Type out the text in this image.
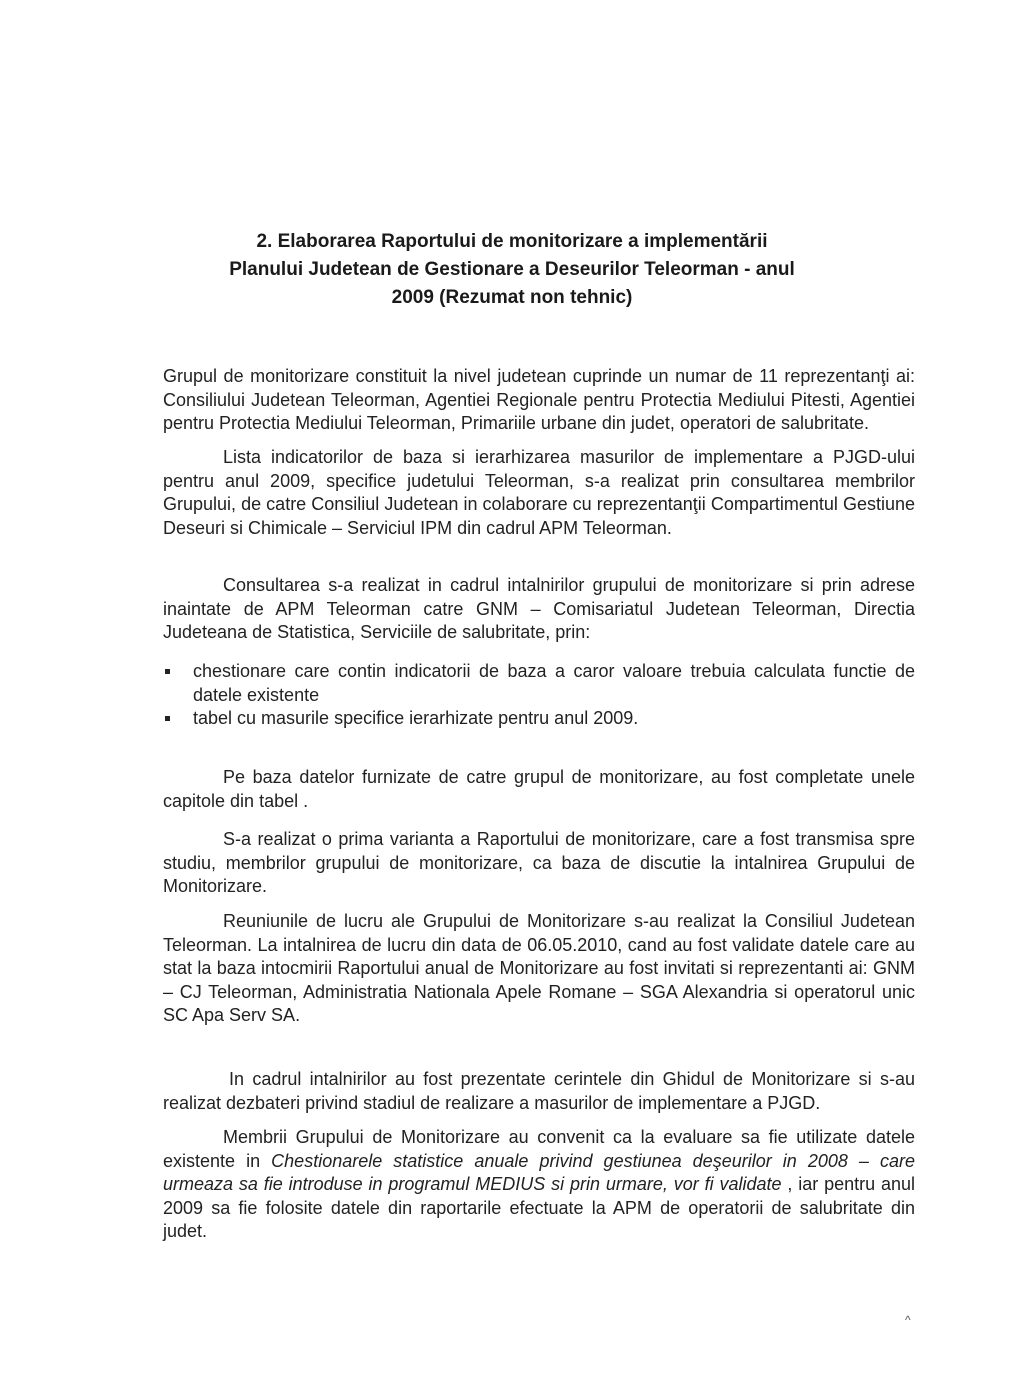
2. Elaborarea Raportului de monitorizare a implementării
Planului Judetean de Gestionare a Deseurilor Teleorman - anul
2009 (Rezumat non tehnic)
Grupul de monitorizare constituit la nivel judetean cuprinde un numar de 11 reprezentanţi ai: Consiliului Judetean Teleorman, Agentiei Regionale pentru Protectia Mediului Pitesti, Agentiei pentru Protectia Mediului Teleorman, Primariile urbane din judet, operatori de salubritate.
Lista indicatorilor de baza si ierarhizarea masurilor de implementare a PJGD-ului pentru anul 2009, specifice judetului Teleorman, s-a realizat prin consultarea membrilor Grupului, de catre Consiliul Judetean in colaborare cu reprezentanţii Compartimentul Gestiune Deseuri si Chimicale – Serviciul IPM din cadrul APM Teleorman.
Consultarea s-a realizat in cadrul intalnirilor grupului de monitorizare si prin adrese inaintate de APM Teleorman catre GNM – Comisariatul Judetean Teleorman, Directia Judeteana de Statistica, Serviciile de salubritate, prin:
chestionare care contin indicatorii de baza a caror valoare trebuia calculata functie de datele existente
tabel cu masurile specifice ierarhizate pentru anul 2009.
Pe baza datelor furnizate de catre grupul de monitorizare, au fost completate unele capitole din tabel .
S-a realizat o prima varianta a Raportului de monitorizare, care a fost transmisa spre studiu, membrilor grupului de monitorizare, ca baza de discutie la intalnirea Grupului de Monitorizare.
Reuniunile de lucru ale Grupului de Monitorizare s-au realizat la Consiliul Judetean Teleorman. La intalnirea de lucru din data de 06.05.2010, cand au fost validate datele care au stat la baza intocmirii Raportului anual de Monitorizare au fost invitati si reprezentanti ai: GNM – CJ Teleorman, Administratia Nationala Apele Romane – SGA Alexandria si operatorul unic SC Apa Serv SA.
In cadrul intalnirilor au fost prezentate cerintele din Ghidul de Monitorizare si s-au realizat dezbateri privind stadiul de realizare a masurilor de implementare a PJGD.
Membrii Grupului de Monitorizare au convenit ca la evaluare sa fie utilizate datele existente in Chestionarele statistice anuale privind gestiunea deşeurilor in 2008 – care urmeaza sa fie introduse in programul MEDIUS si prin urmare, vor fi validate , iar pentru anul 2009 sa fie folosite datele din raportarile efectuate la APM de operatorii de salubritate din judet.
^
